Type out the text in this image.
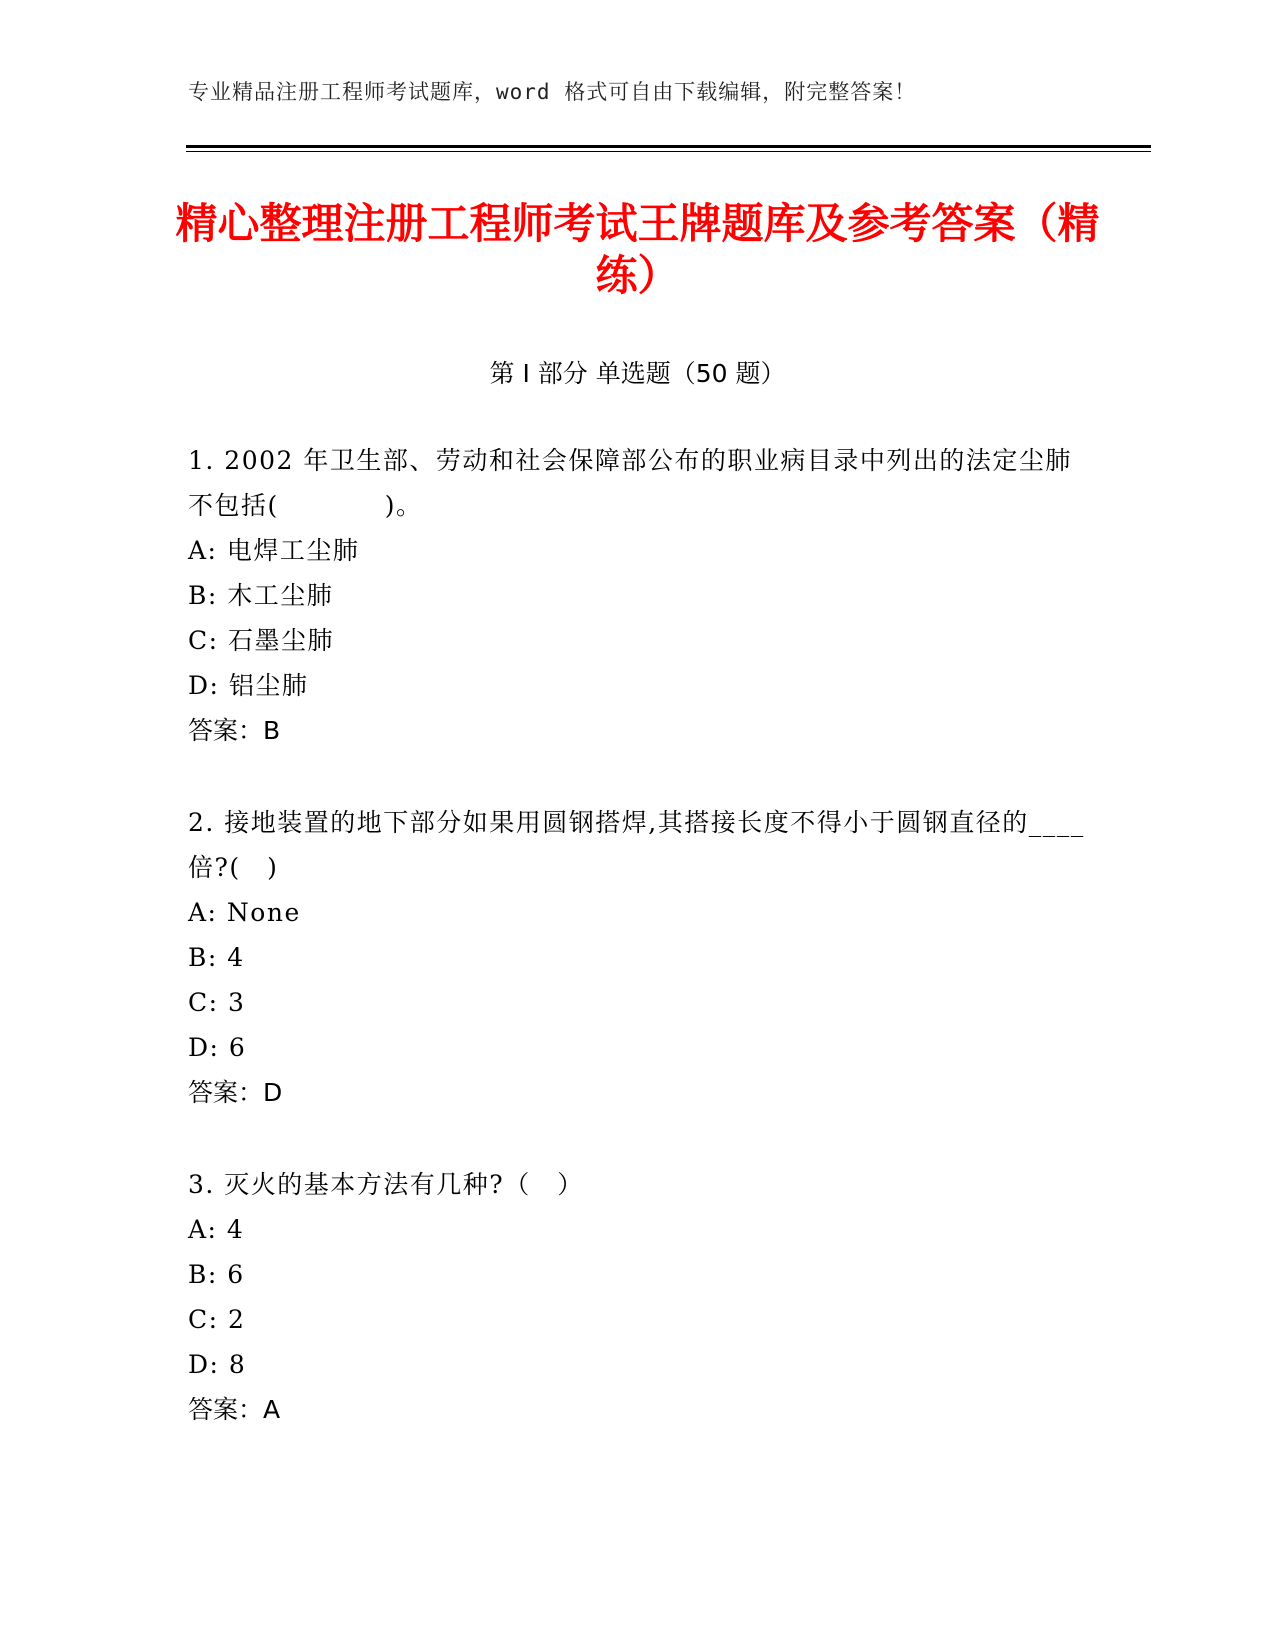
专业精品注册工程师考试题库，word 格式可自由下载编辑，附完整答案！
精心整理注册工程师考试王牌题库及参考答案（精练）
第 I 部分 单选题（50 题）

1. 2002 年卫生部、劳动和社会保障部公布的职业病目录中列出的法定尘肺不包括(　　　　)。

A: 电焊工尘肺

B: 木工尘肺

C: 石墨尘肺

D: 铝尘肺

答案：B

2. 接地装置的地下部分如果用圆钢搭焊,其搭接长度不得小于圆钢直径的____倍?(　)

A: None

B: 4

C: 3

D: 6

答案：D

3. 灭火的基本方法有几种?（　）

A: 4

B: 6

C: 2

D: 8

答案：A
